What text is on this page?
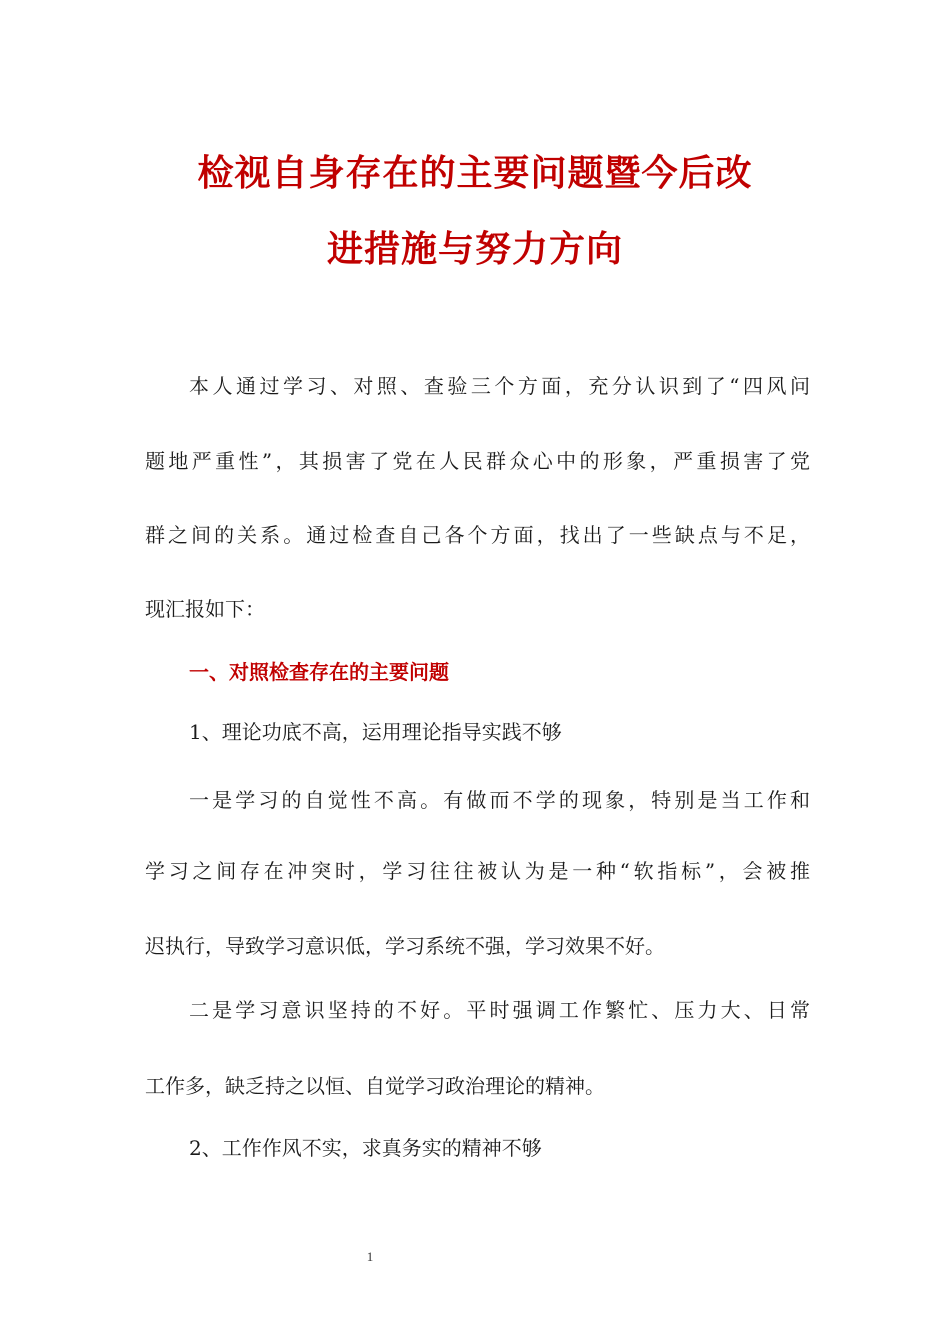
检视自身存在的主要问题暨今后改
进措施与努力方向

本人通过学习、对照、查验三个方面，充分认识到了“四风问

题地严重性”，其损害了党在人民群众心中的形象，严重损害了党

群之间的关系。通过检查自己各个方面，找出了一些缺点与不足，

现汇报如下：

一、对照检查存在的主要问题

1、理论功底不高，运用理论指导实践不够

一是学习的自觉性不高。有做而不学的现象，特别是当工作和

学习之间存在冲突时，学习往往被认为是一种“软指标”，会被推

迟执行，导致学习意识低，学习系统不强，学习效果不好。

二是学习意识坚持的不好。平时强调工作繁忙、压力大、日常

工作多，缺乏持之以恒、自觉学习政治理论的精神。

2、工作作风不实，求真务实的精神不够

1
